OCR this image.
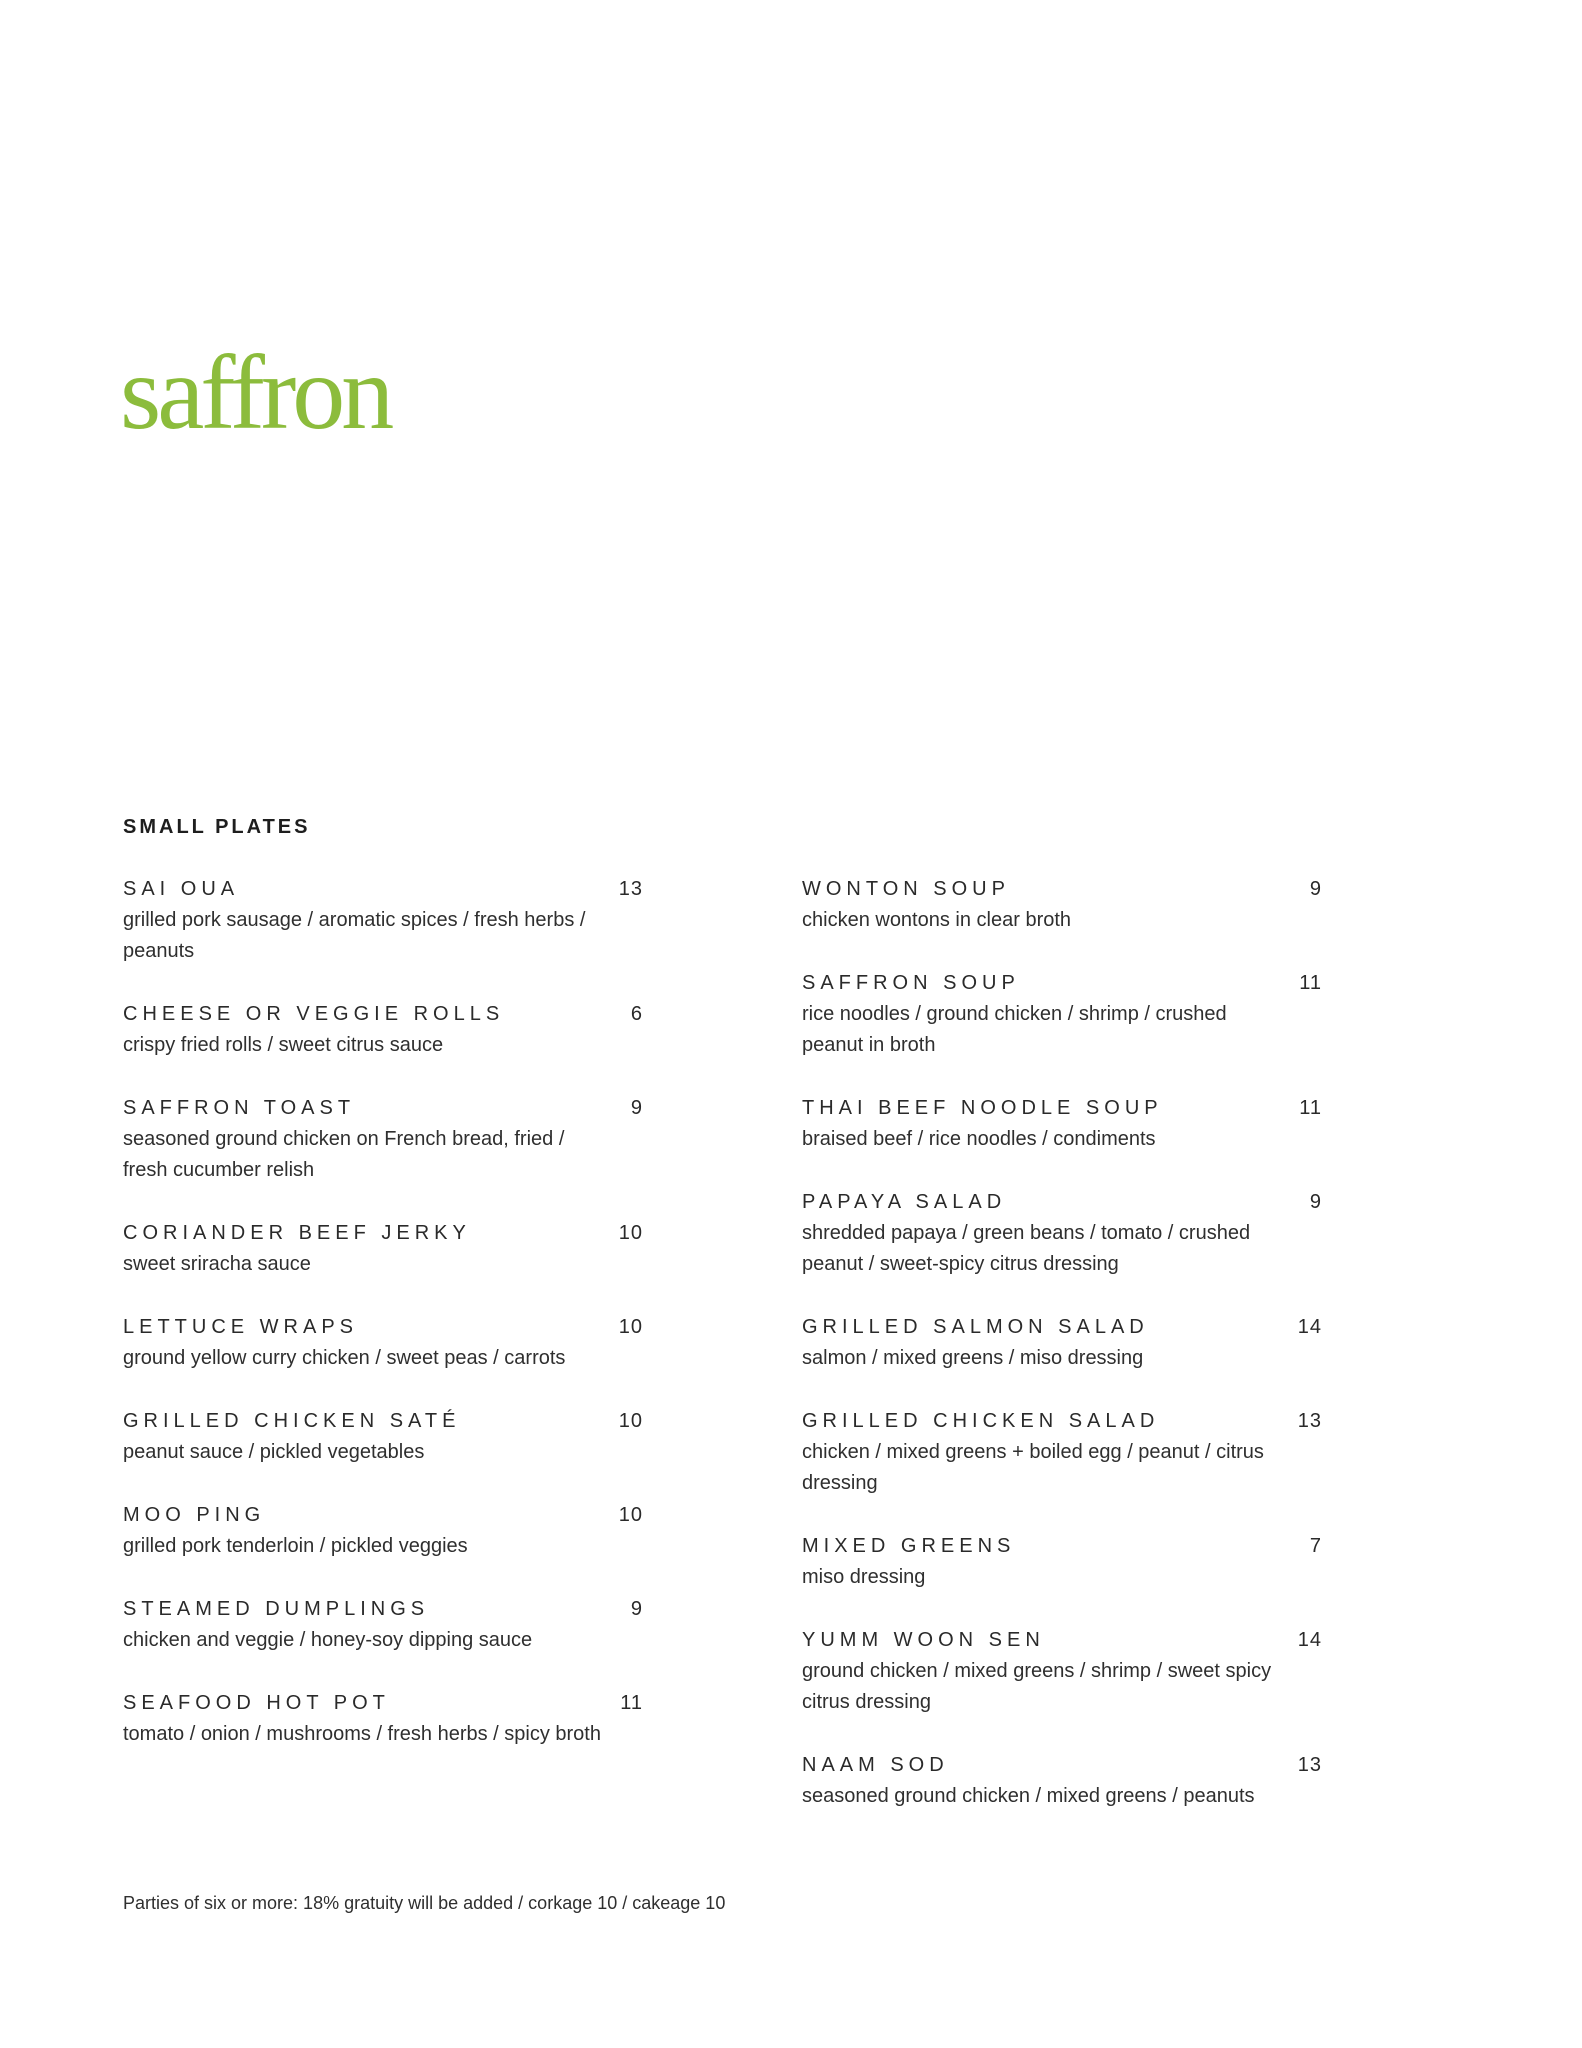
saffron
SMALL PLATES
SAI OUA	13
grilled pork sausage / aromatic spices / fresh herbs / peanuts
CHEESE OR VEGGIE ROLLS	6
crispy fried rolls / sweet citrus sauce
SAFFRON TOAST	9
seasoned ground chicken on French bread, fried / fresh cucumber relish
CORIANDER BEEF JERKY	10
sweet sriracha sauce
LETTUCE WRAPS	10
ground yellow curry chicken / sweet peas / carrots
GRILLED CHICKEN SATÉ	10
peanut sauce / pickled vegetables
MOO PING	10
grilled pork tenderloin / pickled veggies
STEAMED DUMPLINGS	9
chicken and veggie / honey-soy dipping sauce
SEAFOOD HOT POT	11
tomato / onion / mushrooms / fresh herbs / spicy broth
WONTON SOUP	9
chicken wontons in clear broth
SAFFRON SOUP	11
rice noodles / ground chicken / shrimp / crushed peanut in broth
THAI BEEF NOODLE SOUP	11
braised beef / rice noodles / condiments
PAPAYA SALAD	9
shredded papaya / green beans / tomato / crushed peanut / sweet-spicy citrus dressing
GRILLED SALMON SALAD	14
salmon / mixed greens / miso dressing
GRILLED CHICKEN SALAD	13
chicken / mixed greens + boiled egg / peanut / citrus dressing
MIXED GREENS	7
miso dressing
YUMM WOON SEN	14
ground chicken / mixed greens / shrimp / sweet spicy citrus dressing
NAAM SOD	13
seasoned ground chicken / mixed greens / peanuts
Parties of six or more: 18% gratuity will be added / corkage 10 / cakeage 10
